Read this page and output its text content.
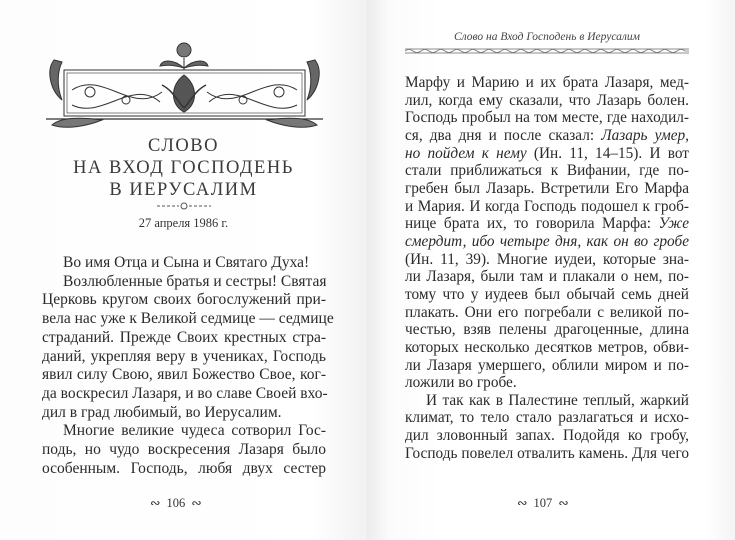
СЛОВО
НА ВХОД ГОСПОДЕНЬ
В ИЕРУСАЛИМ
27 апреля 1986 г.
Во имя Отца и Сына и Святаго Духа!
Возлюбленные братья и сестры! Святая
Церковь кругом своих богослужений при-
вела нас уже к Великой седмице — седмице
страданий. Прежде Своих крестных стра-
даний, укрепляя веру в учениках, Господь
явил силу Свою, явил Божество Свое, ког-
да воскресил Лазаря, и во славе Своей вхо-
дил в град любимый, во Иерусалим.
Многие великие чудеса сотворил Гос-
подь, но чудо воскресения Лазаря было
особенным. Господь, любя двух сестер
∾ 106 ∾
Слово на Вход Господень в Иерусалим
Марфу и Марию и их брата Лазаря, мед-
лил, когда ему сказали, что Лазарь болен.
Господь пробыл на том месте, где находил-
ся, два дня и после сказал: Лазарь умер,
но пойдем к нему (Ин. 11, 14–15). И вот
стали приближаться к Вифании, где по-
гребен был Лазарь. Встретили Его Марфа
и Мария. И когда Господь подошел к гроб-
нице брата их, то говорила Марфа: Уже
смердит, ибо четыре дня, как он во гробе
(Ин. 11, 39). Многие иудеи, которые зна-
ли Лазаря, были там и плакали о нем, по-
тому что у иудеев был обычай семь дней
плакать. Они его погребали с великой по-
честью, взяв пелены драгоценные, длина
которых несколько десятков метров, обви-
ли Лазаря умершего, облили миром и по-
ложили во гробе.
И так как в Палестине теплый, жаркий
климат, то тело стало разлагаться и исхо-
дил зловонный запах. Подойдя ко гробу,
Господь повелел отвалить камень. Для чего
∾ 107 ∾
